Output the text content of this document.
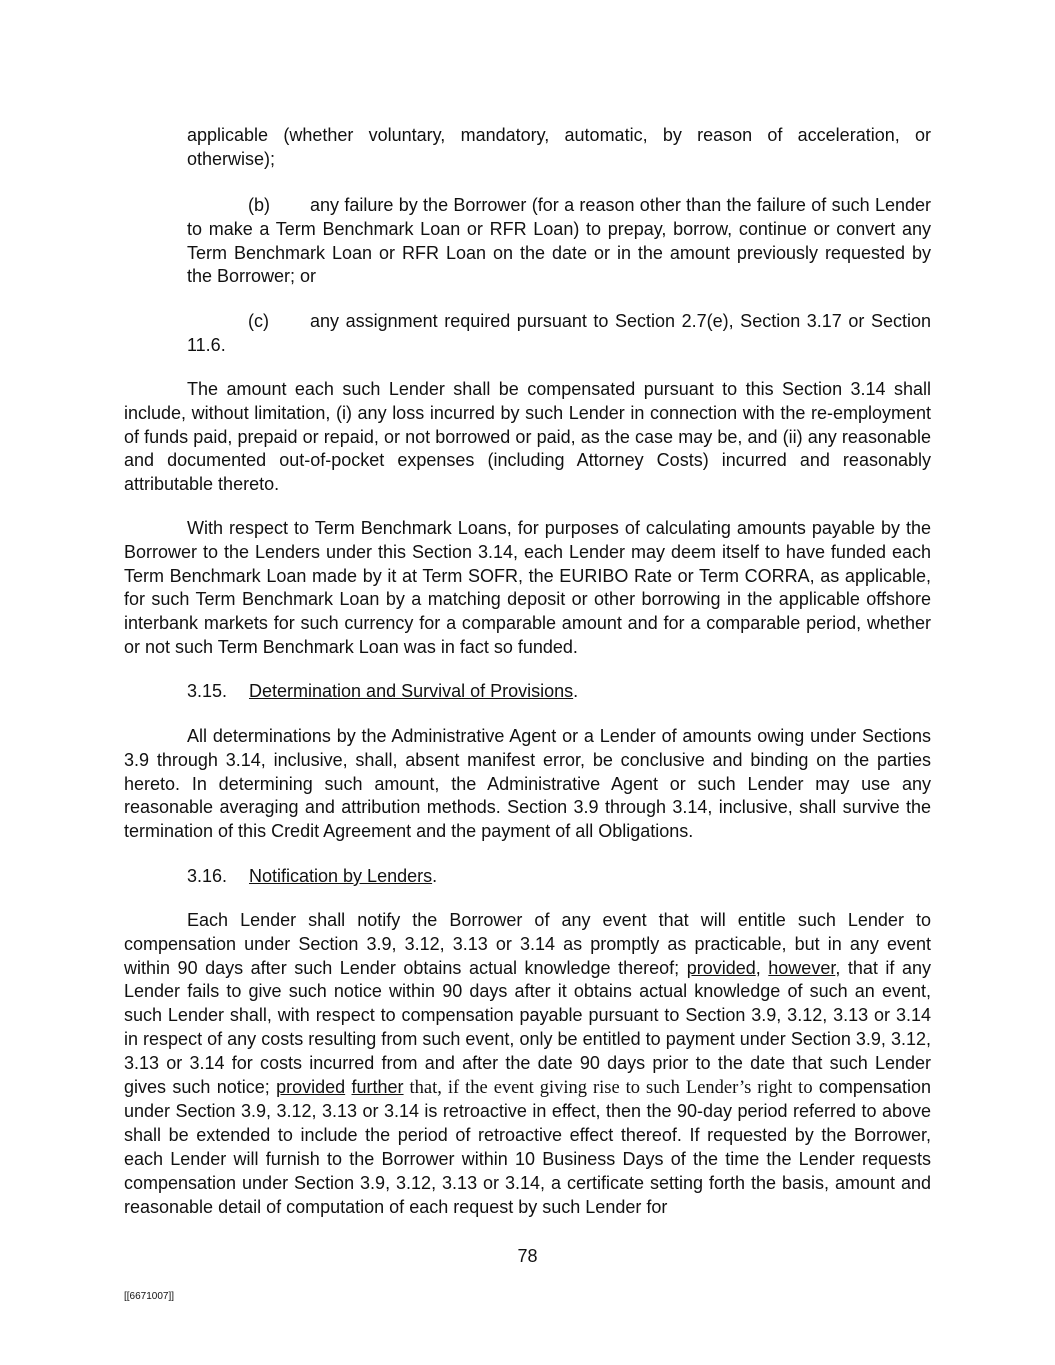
applicable (whether voluntary, mandatory, automatic, by reason of acceleration, or otherwise);

(b) any failure by the Borrower (for a reason other than the failure of such Lender to make a Term Benchmark Loan or RFR Loan) to prepay, borrow, continue or convert any Term Benchmark Loan or RFR Loan on the date or in the amount previously requested by the Borrower; or

(c) any assignment required pursuant to Section 2.7(e), Section 3.17 or Section 11.6.

The amount each such Lender shall be compensated pursuant to this Section 3.14 shall include, without limitation, (i) any loss incurred by such Lender in connection with the re-employment of funds paid, prepaid or repaid, or not borrowed or paid, as the case may be, and (ii) any reasonable and documented out-of-pocket expenses (including Attorney Costs) incurred and reasonably attributable thereto.

With respect to Term Benchmark Loans, for purposes of calculating amounts payable by the Borrower to the Lenders under this Section 3.14, each Lender may deem itself to have funded each Term Benchmark Loan made by it at Term SOFR, the EURIBO Rate or Term CORRA, as applicable, for such Term Benchmark Loan by a matching deposit or other borrowing in the applicable offshore interbank markets for such currency for a comparable amount and for a comparable period, whether or not such Term Benchmark Loan was in fact so funded.

3.15. Determination and Survival of Provisions.

All determinations by the Administrative Agent or a Lender of amounts owing under Sections 3.9 through 3.14, inclusive, shall, absent manifest error, be conclusive and binding on the parties hereto. In determining such amount, the Administrative Agent or such Lender may use any reasonable averaging and attribution methods. Section 3.9 through 3.14, inclusive, shall survive the termination of this Credit Agreement and the payment of all Obligations.

3.16. Notification by Lenders.

Each Lender shall notify the Borrower of any event that will entitle such Lender to compensation under Section 3.9, 3.12, 3.13 or 3.14 as promptly as practicable, but in any event within 90 days after such Lender obtains actual knowledge thereof; provided, however, that if any Lender fails to give such notice within 90 days after it obtains actual knowledge of such an event, such Lender shall, with respect to compensation payable pursuant to Section 3.9, 3.12, 3.13 or 3.14 in respect of any costs resulting from such event, only be entitled to payment under Section 3.9, 3.12, 3.13 or 3.14 for costs incurred from and after the date 90 days prior to the date that such Lender gives such notice; provided further that, if the event giving rise to such Lender’s right to compensation under Section 3.9, 3.12, 3.13 or 3.14 is retroactive in effect, then the 90-day period referred to above shall be extended to include the period of retroactive effect thereof. If requested by the Borrower, each Lender will furnish to the Borrower within 10 Business Days of the time the Lender requests compensation under Section 3.9, 3.12, 3.13 or 3.14, a certificate setting forth the basis, amount and reasonable detail of computation of each request by such Lender for

78
[[6671007]]
